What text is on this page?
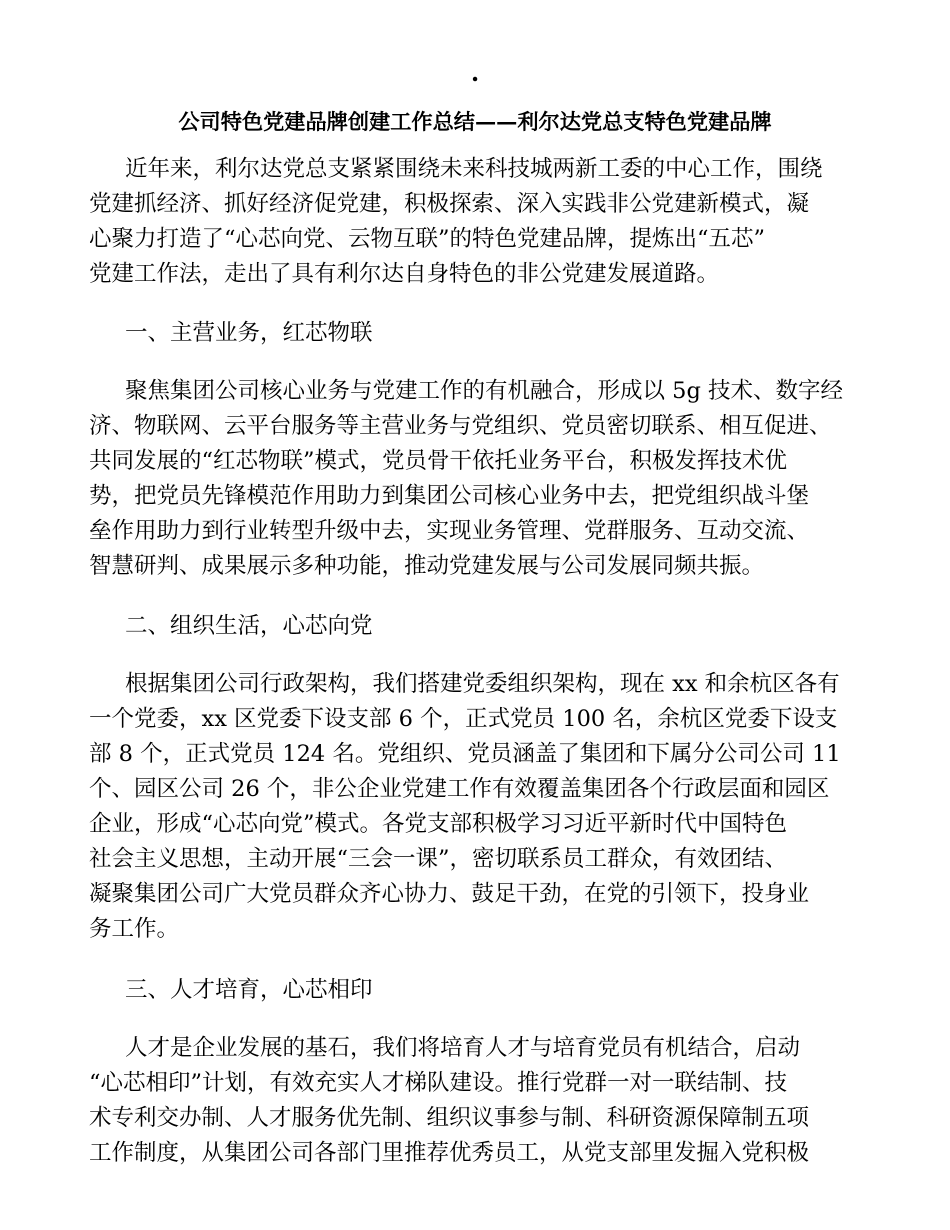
.
公司特色党建品牌创建工作总结——利尔达党总支特色党建品牌
近年来，利尔达党总支紧紧围绕未来科技城两新工委的中心工作，围绕
党建抓经济、抓好经济促党建，积极探索、深入实践非公党建新模式，凝
心聚力打造了“心芯向党、云物互联”的特色党建品牌，提炼出“五芯”
党建工作法，走出了具有利尔达自身特色的非公党建发展道路。
一、主营业务，红芯物联
聚焦集团公司核心业务与党建工作的有机融合，形成以 5g 技术、数字经
济、物联网、云平台服务等主营业务与党组织、党员密切联系、相互促进、
共同发展的“红芯物联”模式，党员骨干依托业务平台，积极发挥技术优
势，把党员先锋模范作用助力到集团公司核心业务中去，把党组织战斗堡
垒作用助力到行业转型升级中去，实现业务管理、党群服务、互动交流、
智慧研判、成果展示多种功能，推动党建发展与公司发展同频共振。
二、组织生活，心芯向党
根据集团公司行政架构，我们搭建党委组织架构，现在 xx 和余杭区各有
一个党委，xx 区党委下设支部 6 个，正式党员 100 名，余杭区党委下设支
部 8 个，正式党员 124 名。党组织、党员涵盖了集团和下属分公司公司 11
个、园区公司 26 个，非公企业党建工作有效覆盖集团各个行政层面和园区
企业，形成“心芯向党”模式。各党支部积极学习习近平新时代中国特色
社会主义思想，主动开展“三会一课”，密切联系员工群众，有效团结、
凝聚集团公司广大党员群众齐心协力、鼓足干劲，在党的引领下，投身业
务工作。
三、人才培育，心芯相印
人才是企业发展的基石，我们将培育人才与培育党员有机结合，启动
“心芯相印”计划，有效充实人才梯队建设。推行党群一对一联结制、技
术专利交办制、人才服务优先制、组织议事参与制、科研资源保障制五项
工作制度，从集团公司各部门里推荐优秀员工，从党支部里发掘入党积极
